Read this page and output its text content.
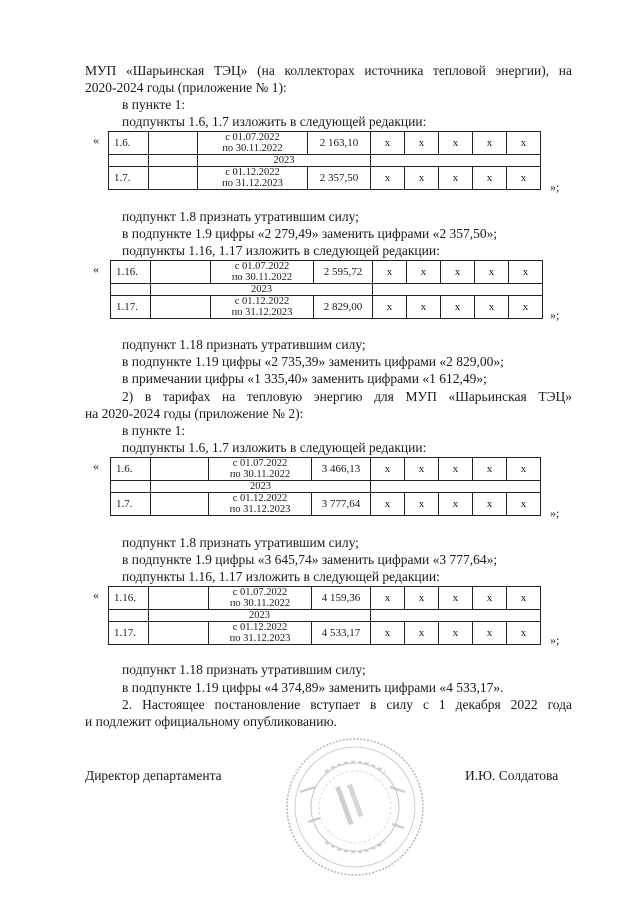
МУП «Шарьинская ТЭЦ» (на коллекторах источника тепловой энергии), на
2020-2024 годы (приложение № 1):
в пункте 1:
подпункты 1.6, 1.7 изложить в следующей редакции:
« 1.6.		с 01.07.2022
по 30.11.2022	2 163,10	х	х	х	х	х
		2023						
1.7.		с 01.12.2022
по 31.12.2023	2 357,50	х	х	х	х	х
»;
подпункт 1.8 признать утратившим силу;
в подпункте 1.9 цифры «2 279,49» заменить цифрами «2 357,50»;
подпункты 1.16, 1.17 изложить в следующей редакции:
« 1.16.		с 01.07.2022
по 30.11.2022	2 595,72	х	х	х	х	х
	2023							
1.17.		с 01.12.2022
по 31.12.2023	2 829,00	х	х	х	х	х
»;
подпункт 1.18 признать утратившим силу;
в подпункте 1.19 цифры «2 735,39» заменить цифрами «2 829,00»;
в примечании цифры «1 335,40» заменить цифрами «1 612,49»;
2) в тарифах на тепловую энергию для МУП «Шарьинская ТЭЦ»
на 2020-2024 годы (приложение № 2):
в пункте 1:
подпункты 1.6, 1.7 изложить в следующей редакции:
« 1.6.		с 01.07.2022
по 30.11.2022	3 466,13	х	х	х	х	х
	2023							
1.7.		с 01.12.2022
по 31.12.2023	3 777,64	х	х	х	х	х
»;
подпункт 1.8 признать утратившим силу;
в подпункте 1.9 цифры «3 645,74» заменить цифрами «3 777,64»;
подпункты 1.16, 1.17 изложить в следующей редакции:
« 1.16.		с 01.07.2022
по 30.11.2022	4 159,36	х	х	х	х	х
	2023							
1.17.		с 01.12.2022
по 31.12.2023	4 533,17	х	х	х	х	х
»;
подпункт 1.18 признать утратившим силу;
в подпункте 1.19 цифры «4 374,89» заменить цифрами «4 533,17».
2. Настоящее постановление вступает в силу с 1 декабря 2022 года
и подлежит официальному опубликованию.
Директор департамента	И.Ю. Солдатова
